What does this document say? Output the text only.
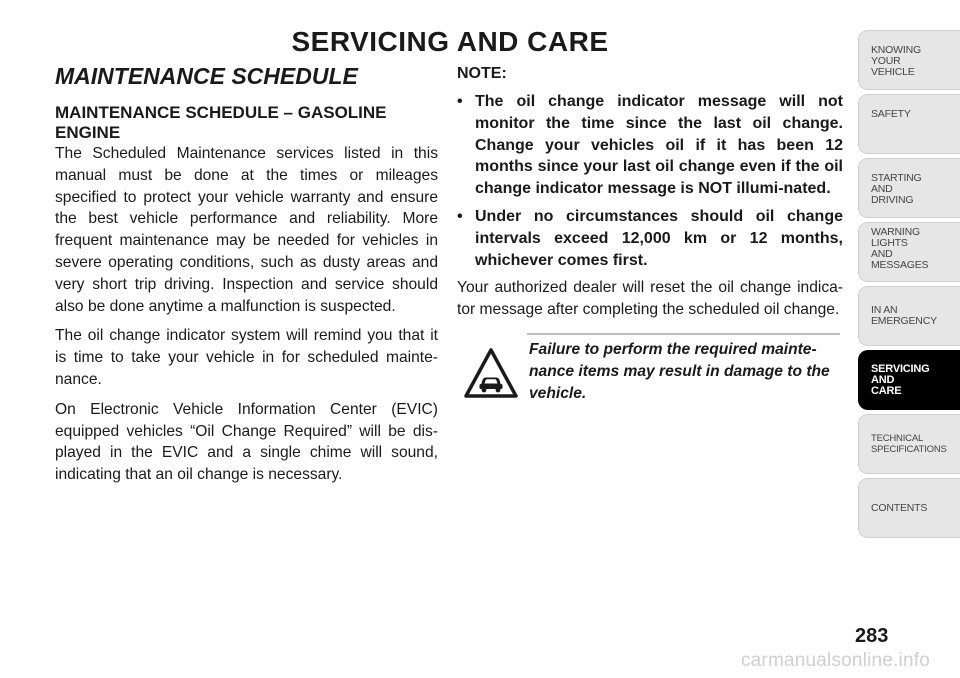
SERVICING AND CARE
MAINTENANCE SCHEDULE
MAINTENANCE SCHEDULE – GASOLINE ENGINE

The Scheduled Maintenance services listed in this manual must be done at the times or mileages specified to protect your vehicle warranty and ensure the best vehicle performance and reliability. More frequent maintenance may be needed for vehicles in severe operating conditions, such as dusty areas and very short trip driving. Inspection and service should also be done anytime a malfunction is suspected.

The oil change indicator system will remind you that it is time to take your vehicle in for scheduled mainte-nance.

On Electronic Vehicle Information Center (EVIC) equipped vehicles “Oil Change Required” will be dis-played in the EVIC and a single chime will sound, indicating that an oil change is necessary.

NOTE:
• The oil change indicator message will not monitor the time since the last oil change. Change your vehicles oil if it has been 12 months since your last oil change even if the oil change indicator message is NOT illumi-nated.
• Under no circumstances should oil change intervals exceed 12,000 km or 12 months, whichever comes first.

Your authorized dealer will reset the oil change indica-tor message after completing the scheduled oil change.

Failure to perform the required mainte-nance items may result in damage to the vehicle.
KNOWING
YOUR
VEHICLE
SAFETY
STARTING
AND
DRIVING
WARNING
LIGHTS
AND
MESSAGES
IN AN
EMERGENCY
SERVICING
AND
CARE
TECHNICAL
SPECIFICATIONS
CONTENTS
283
carmanualsonline.info
